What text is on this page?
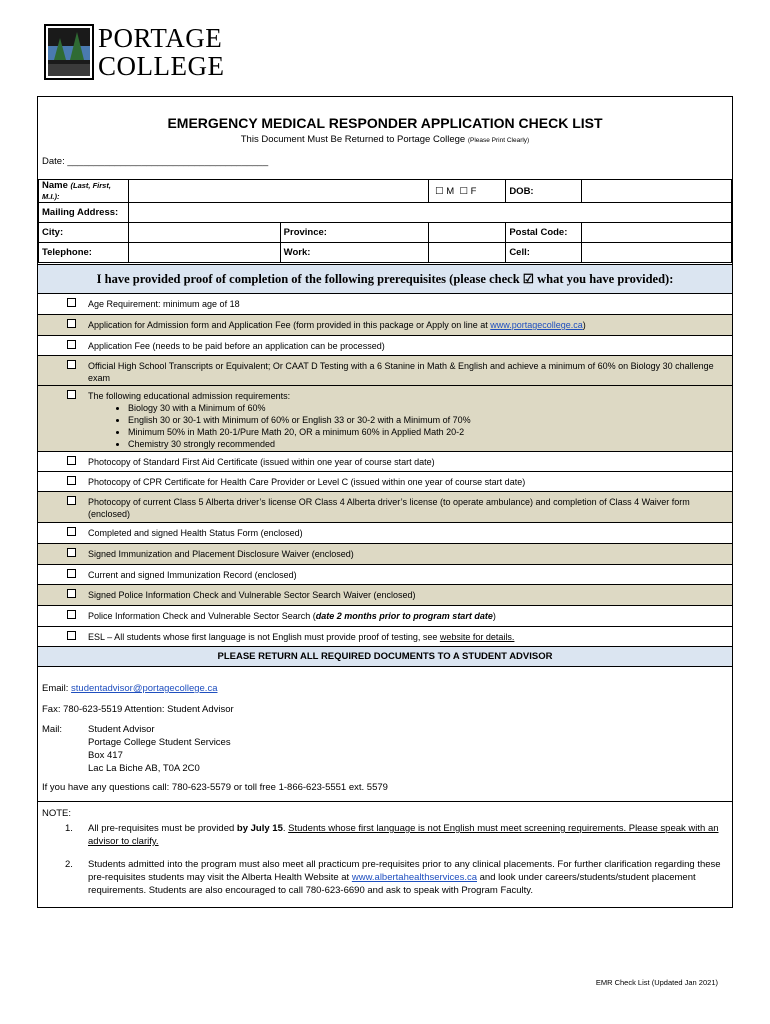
PORTAGE
COLLEGE
EMERGENCY MEDICAL RESPONDER APPLICATION CHECK LIST
This Document Must Be Returned to Portage College (Please Print Clearly)
Date: ______________________________________
Name (Last, First, M.I.):			☐ M ☐ F	DOB:	
Mailing Address:					
City:		Province:		Postal Code:	
Telephone:		Work:		Cell:	
I have provided proof of completion of the following prerequisites (please check ☑ what you have provided):
Age Requirement: minimum age of 18
Application for Admission form and Application Fee (form provided in this package or Apply on line at www.portagecollege.ca)
Application Fee (needs to be paid before an application can be processed)
Official High School Transcripts or Equivalent; Or CAAT D Testing with a 6 Stanine in Math & English and achieve a minimum of 60% on Biology 30 challenge exam
The following educational admission requirements:
• Biology 30 with a Minimum of 60%
• English 30 or 30-1 with Minimum of 60% or English 33 or 30-2 with a Minimum of 70%
• Minimum 50% in Math 20-1/Pure Math 20, OR a minimum 60% in Applied Math 20-2
• Chemistry 30 strongly recommended
Photocopy of Standard First Aid Certificate (issued within one year of course start date)
Photocopy of CPR Certificate for Health Care Provider or Level C (issued within one year of course start date)
Photocopy of current Class 5 Alberta driver’s license OR Class 4 Alberta driver’s license (to operate ambulance) and completion of Class 4 Waiver form (enclosed)
Completed and signed Health Status Form (enclosed)
Signed Immunization and Placement Disclosure Waiver (enclosed)
Current and signed Immunization Record (enclosed)
Signed Police Information Check and Vulnerable Sector Search Waiver (enclosed)
Police Information Check and Vulnerable Sector Search (date 2 months prior to program start date)
ESL – All students whose first language is not English must provide proof of testing, see website for details.
PLEASE RETURN ALL REQUIRED DOCUMENTS TO A STUDENT ADVISOR
Email: studentadvisor@portagecollege.ca
Fax: 780-623-5519 Attention: Student Advisor
Mail:	Student Advisor
Portage College Student Services
Box 417
Lac La Biche AB, T0A 2C0
If you have any questions call: 780-623-5579 or toll free 1-866-623-5551 ext. 5579
NOTE:
1. All pre-requisites must be provided by July 15. Students whose first language is not English must meet screening requirements. Please speak with an advisor to clarify.
2. Students admitted into the program must also meet all practicum pre-requisites prior to any clinical placements. For further clarification regarding these pre-requisites students may visit the Alberta Health Website at www.albertahealthservices.ca and look under careers/students/student placement requirements. Students are also encouraged to call 780-623-6690 and ask to speak with Program Faculty.
EMR Check List (Updated Jan 2021)
